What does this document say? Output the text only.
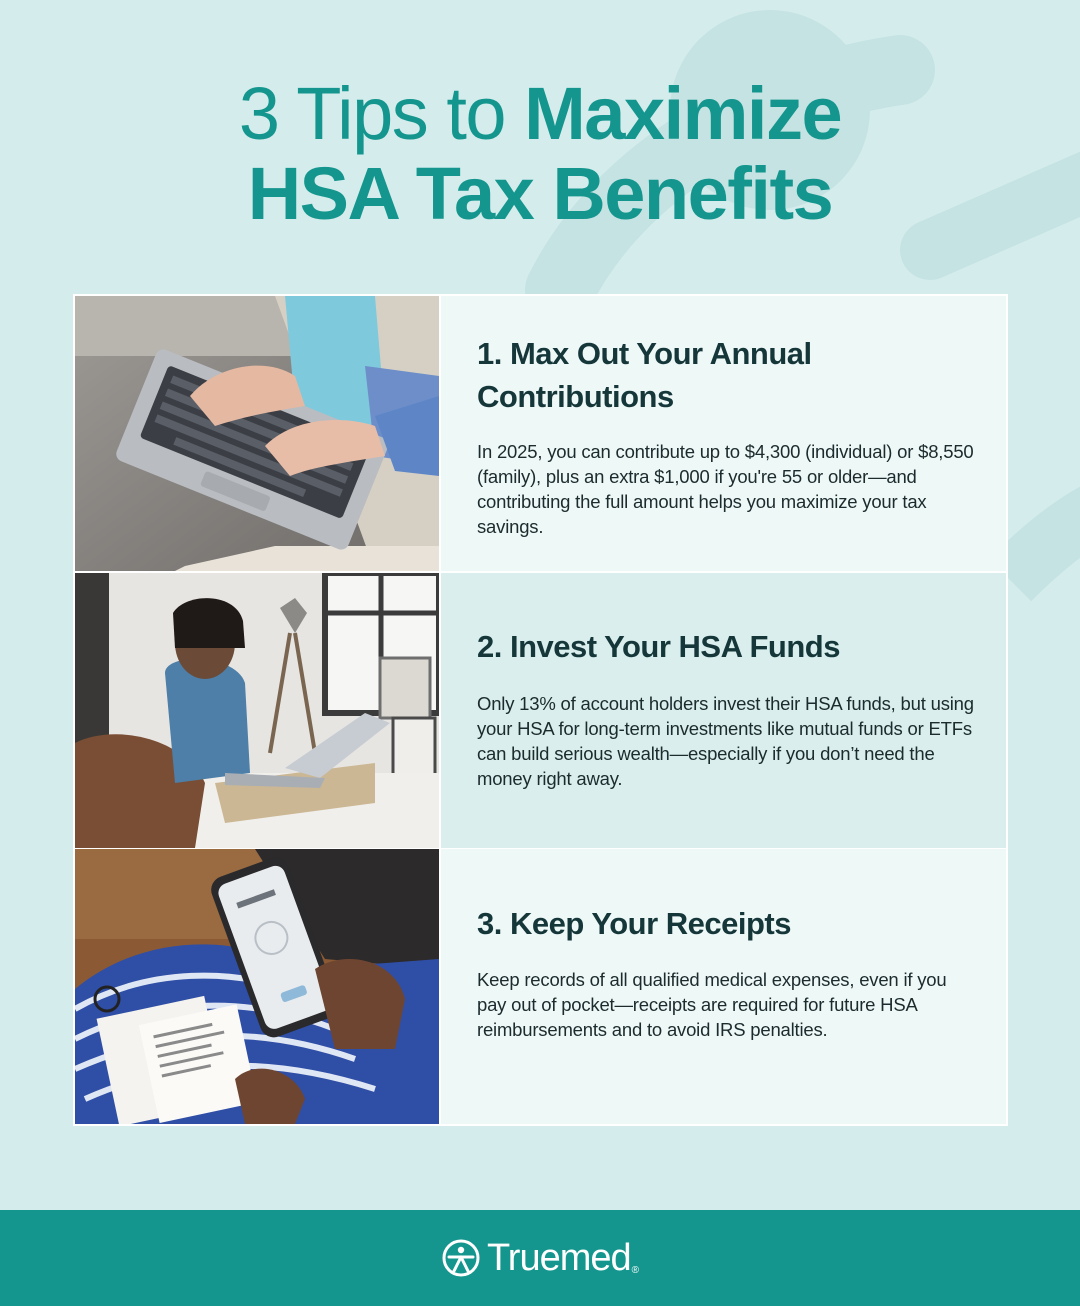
3 Tips to Maximize
HSA Tax Benefits
1. Max Out Your Annual Contributions

In 2025, you can contribute up to $4,300 (individual) or $8,550 (family), plus an extra $1,000 if you're 55 or older—and contributing the full amount helps you maximize your tax savings.

2. Invest Your HSA Funds

Only 13% of account holders invest their HSA funds, but using your HSA for long-term investments like mutual funds or ETFs can build serious wealth—especially if you don’t need the money right away.

3. Keep Your Receipts

Keep records of all qualified medical expenses, even if you pay out of pocket—receipts are required for future HSA reimbursements and to avoid IRS penalties.

Truemed ®
